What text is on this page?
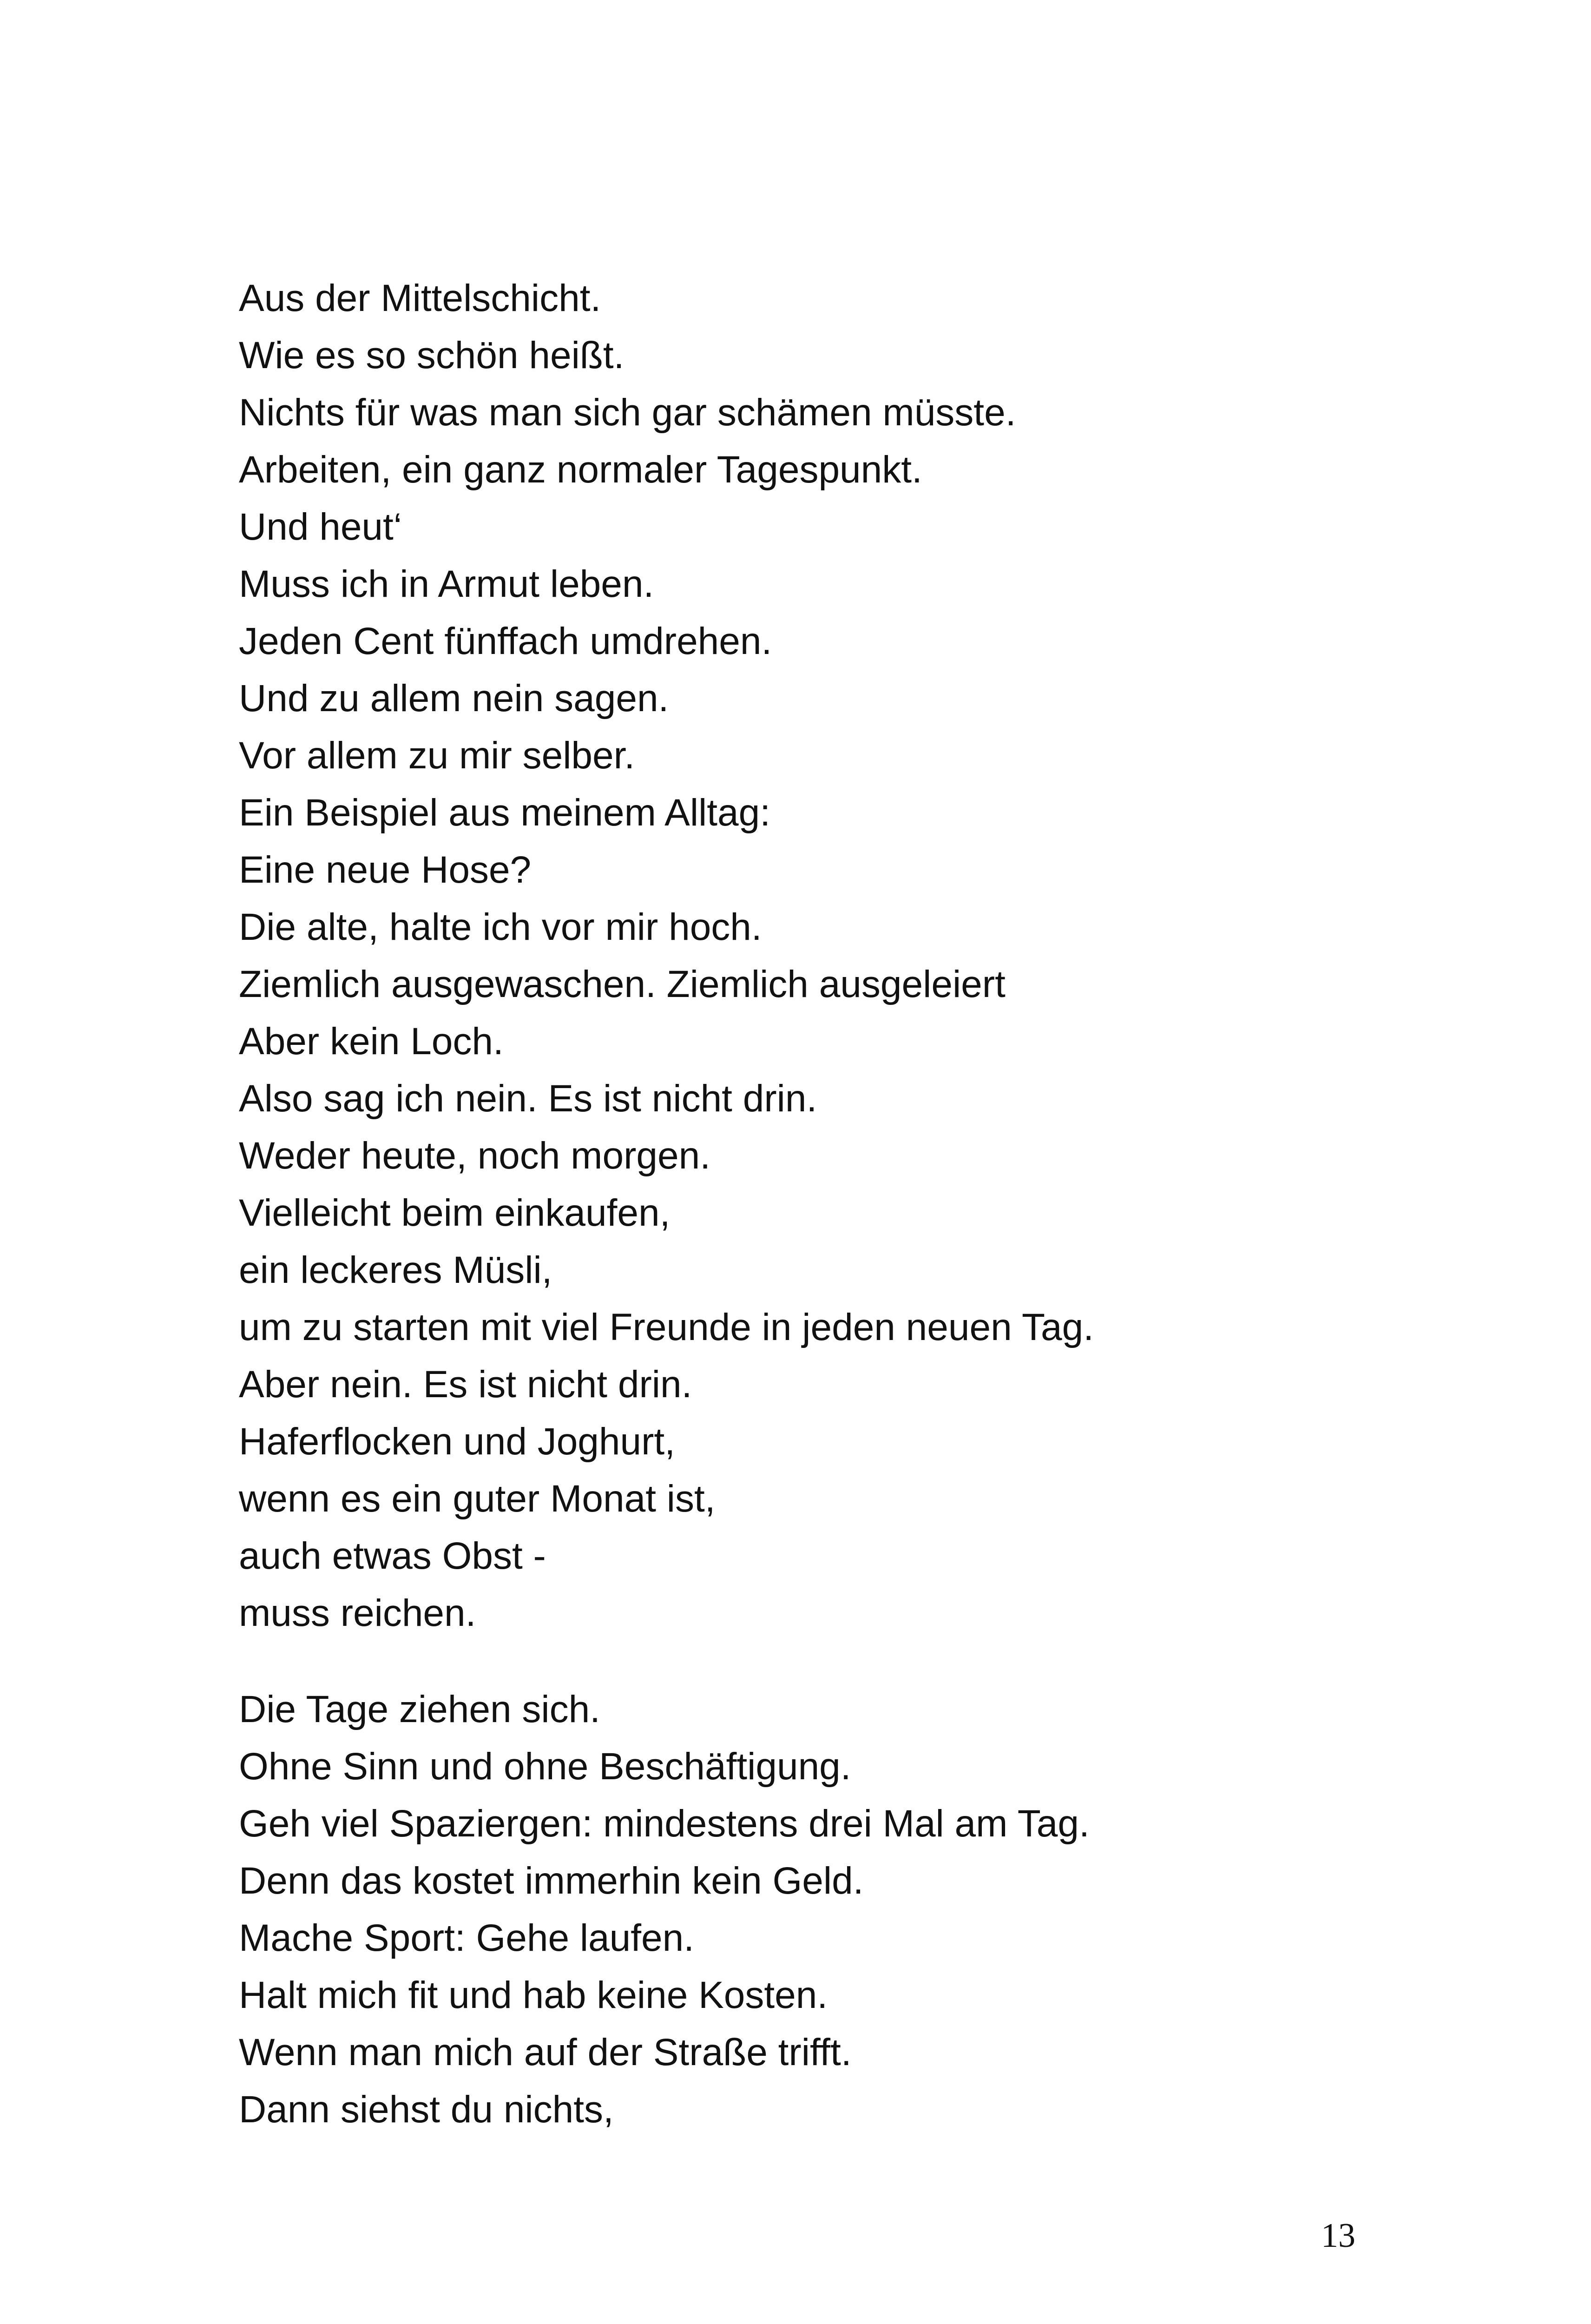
Aus der Mittelschicht.
Wie es so schön heißt.
Nichts für was man sich gar schämen müsste.
Arbeiten, ein ganz normaler Tagespunkt.
Und heut‘
Muss ich in Armut leben.
Jeden Cent fünffach umdrehen.
Und zu allem nein sagen.
Vor allem zu mir selber.
Ein Beispiel aus meinem Alltag:
Eine neue Hose?
Die alte, halte ich vor mir hoch.
Ziemlich ausgewaschen. Ziemlich ausgeleiert
Aber kein Loch.
Also sag ich nein. Es ist nicht drin.
Weder heute, noch morgen.
Vielleicht beim einkaufen,
ein leckeres Müsli,
um zu starten mit viel Freunde in jeden neuen Tag.
Aber nein. Es ist nicht drin.
Haferflocken und Joghurt,
wenn es ein guter Monat ist,
auch etwas Obst -
muss reichen.
Die Tage ziehen sich.
Ohne Sinn und ohne Beschäftigung.
Geh viel Spaziergen: mindestens drei Mal am Tag.
Denn das kostet immerhin kein Geld.
Mache Sport: Gehe laufen.
Halt mich fit und hab keine Kosten.
Wenn man mich auf der Straße trifft.
Dann siehst du nichts,
13
